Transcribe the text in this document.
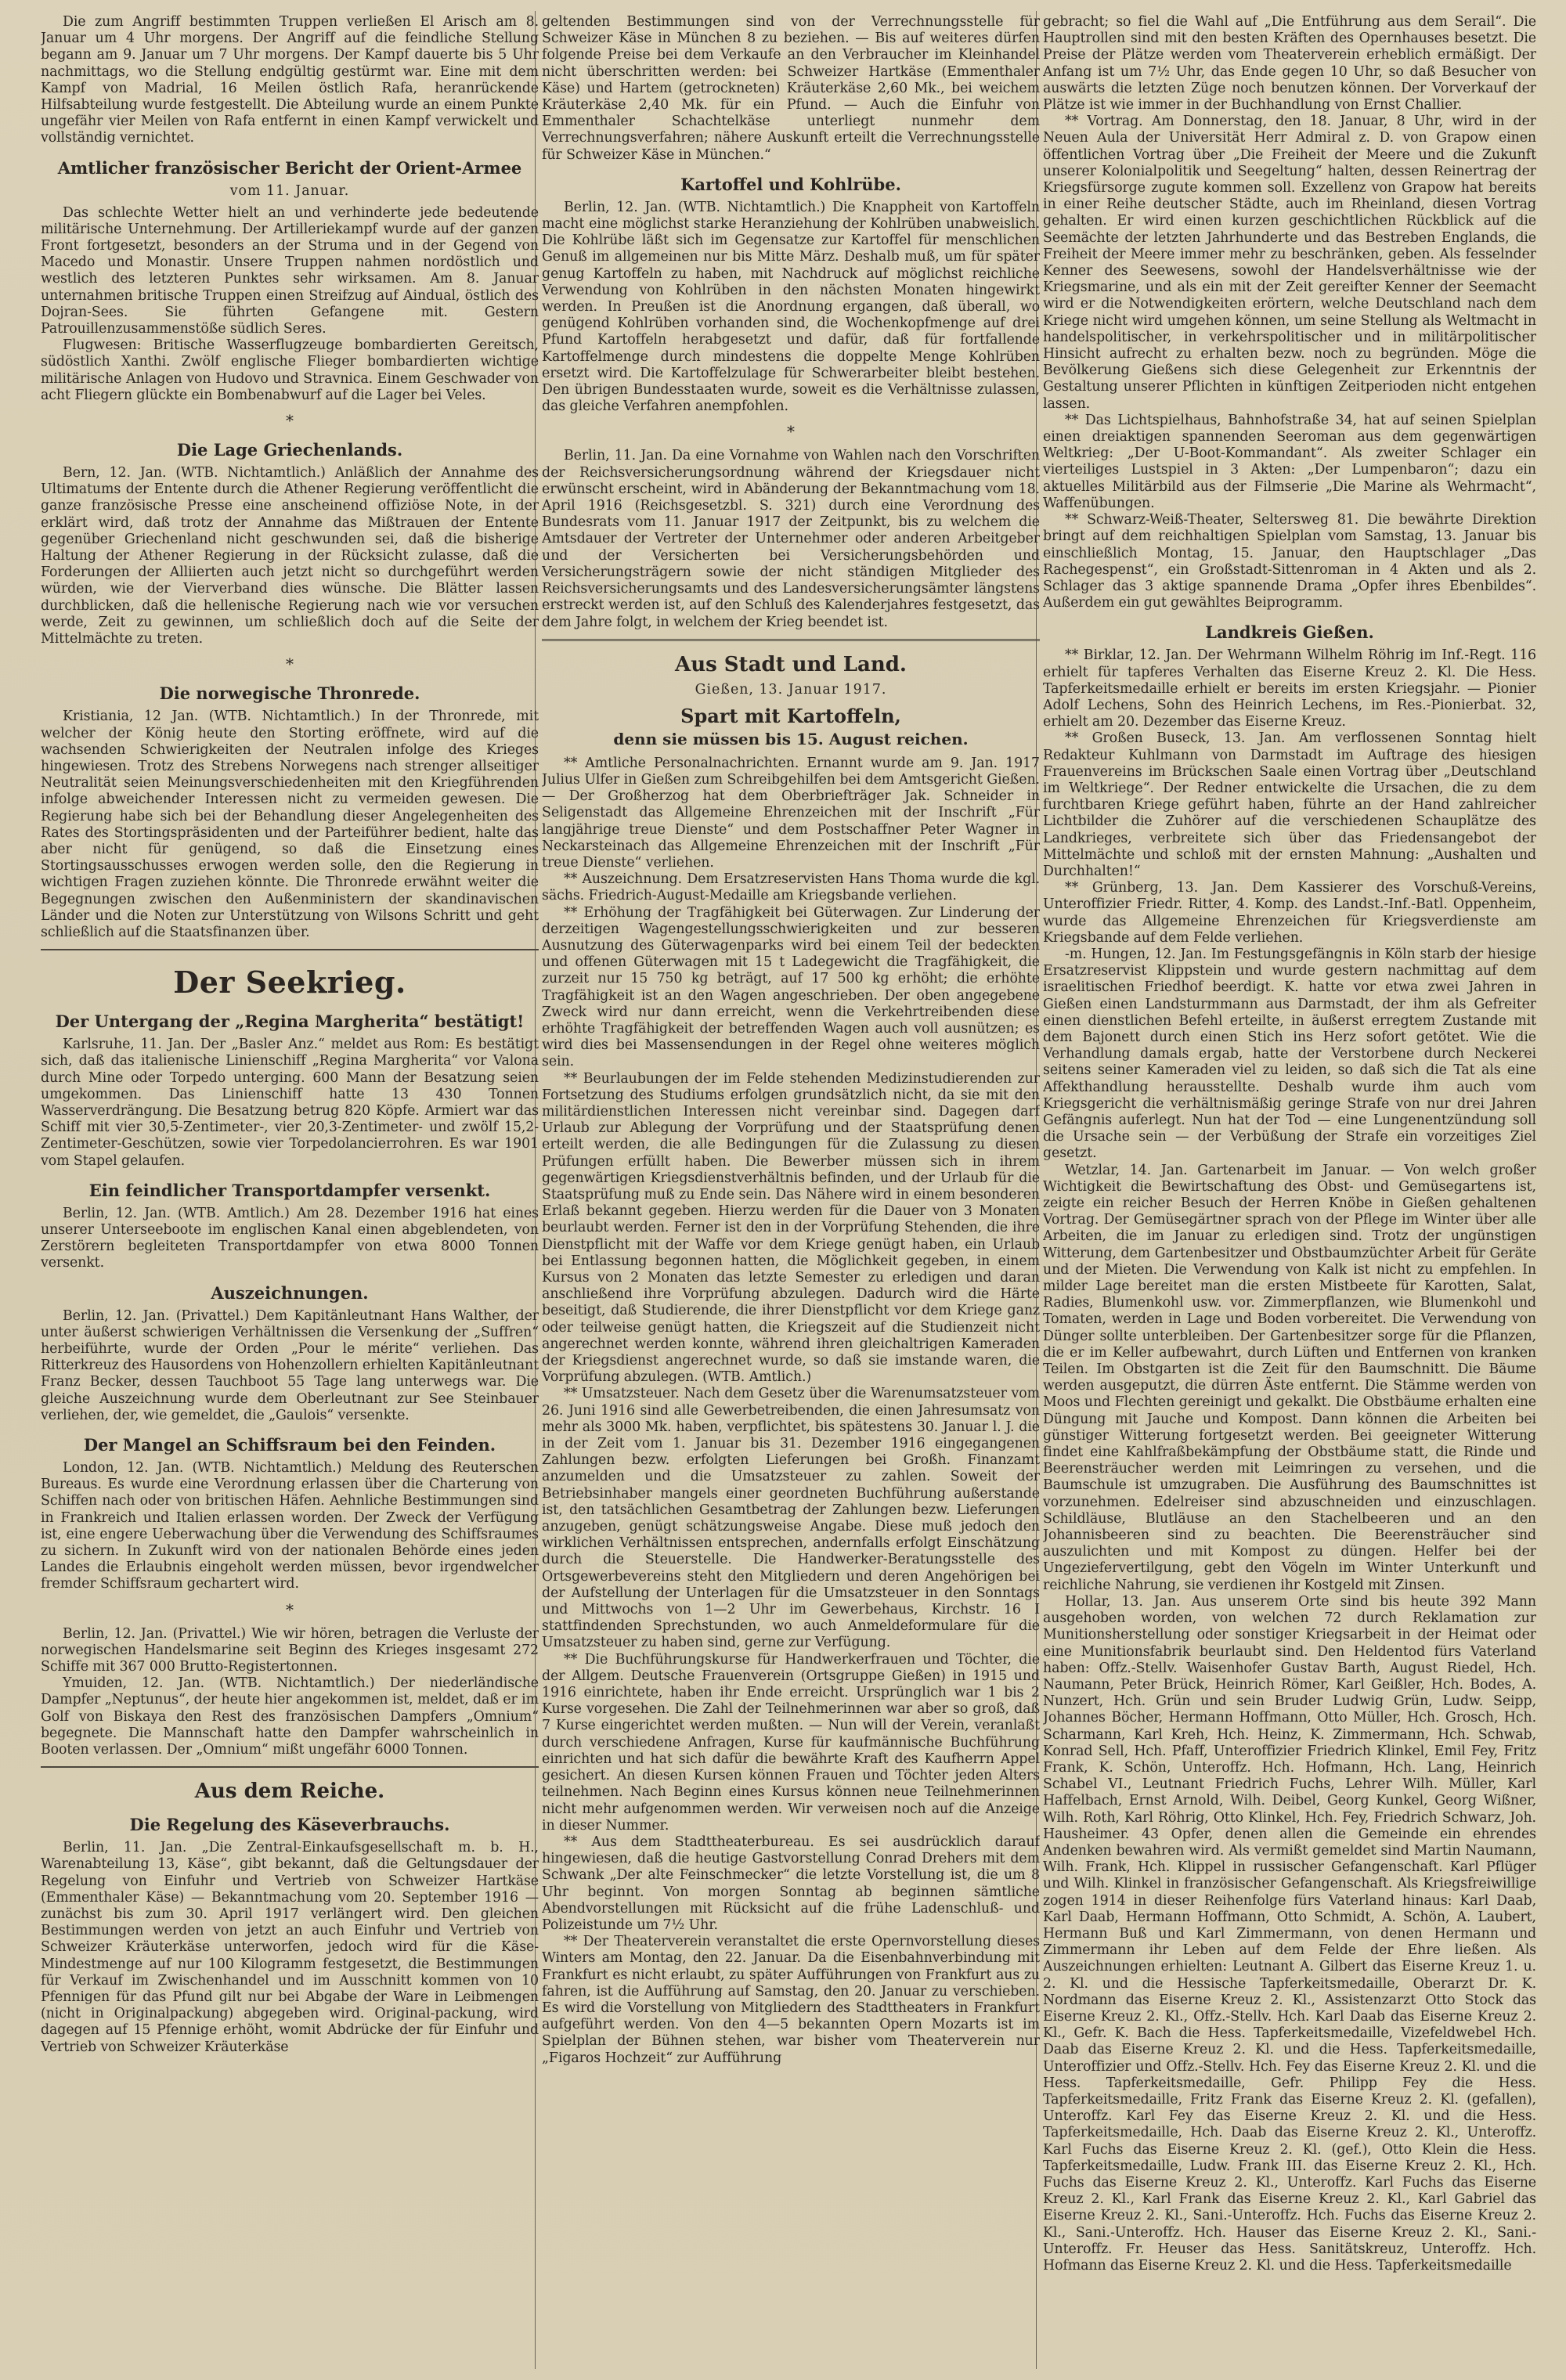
Die zum Angriff bestimmten Truppen verließen El Arisch am 8. Januar um 4 Uhr morgens. Der Angriff auf die feindliche Stellung begann am 9. Januar um 7 Uhr morgens. Der Kampf dauerte bis 5 Uhr nachmittags, wo die Stellung endgültig gestürmt war. Eine mit dem Kampf von Madrial, 16 Meilen östlich Rafa, heranrückende Hilfsabteilung wurde festgestellt. Die Abteilung wurde an einem Punkte ungefähr vier Meilen von Rafa entfernt in einen Kampf verwickelt und vollständig vernichtet.

Amtlicher französischer Bericht der Orient-Armee
vom 11. Januar.

Das schlechte Wetter hielt an und verhinderte jede bedeutende militärische Unternehmung. Der Artilleriekampf wurde auf der ganzen Front fortgesetzt, besonders an der Struma und in der Gegend von Macedo und Monastir. Unsere Truppen nahmen nordöstlich und westlich des letzteren Punktes sehr wirksamen. Am 8. Januar unternahmen britische Truppen einen Streifzug auf Aindual, östlich des Dojran-Sees. Sie führten Gefangene mit. Gestern Patrouillenzusammenstöße südlich Seres.

Flugwesen: Britische Wasserflugzeuge bombardierten Gereitsch, südöstlich Xanthi. Zwölf englische Flieger bombardierten wichtige militärische Anlagen von Hudovo und Stravnica. Einem Geschwader von acht Fliegern glückte ein Bombenabwurf auf die Lager bei Veles.

*
Die Lage Griechenlands.

Bern, 12. Jan. (WTB. Nichtamtlich.) Anläßlich der Annahme des Ultimatums der Entente durch die Athener Regierung veröffentlicht die ganze französische Presse eine anscheinend offiziöse Note, in der erklärt wird, daß trotz der Annahme das Mißtrauen der Entente gegenüber Griechenland nicht geschwunden sei, daß die bisherige Haltung der Athener Regierung in der Rücksicht zulasse, daß die Forderungen der Alliierten auch jetzt nicht so durchgeführt werden würden, wie der Vierverband dies wünsche. Die Blätter lassen durchblicken, daß die hellenische Regierung nach wie vor versuchen werde, Zeit zu gewinnen, um schließlich doch auf die Seite der Mittelmächte zu treten.

*
Die norwegische Thronrede.

Kristiania, 12 Jan. (WTB. Nichtamtlich.) In der Thronrede, mit welcher der König heute den Storting eröffnete, wird auf die wachsenden Schwierigkeiten der Neutralen infolge des Krieges hingewiesen. Trotz des Strebens Norwegens nach strenger allseitiger Neutralität seien Meinungsverschiedenheiten mit den Kriegführenden infolge abweichender Interessen nicht zu vermeiden gewesen. Die Regierung habe sich bei der Behandlung dieser Angelegenheiten des Rates des Stortingspräsidenten und der Parteiführer bedient, halte das aber nicht für genügend, so daß die Einsetzung eines Stortingsausschusses erwogen werden solle, den die Regierung in wichtigen Fragen zuziehen könnte. Die Thronrede erwähnt weiter die Begegnungen zwischen den Außenministern der skandinavischen Länder und die Noten zur Unterstützung von Wilsons Schritt und geht schließlich auf die Staatsfinanzen über.

Der Seekrieg.
Der Untergang der „Regina Margherita“ bestätigt!

Karlsruhe, 11. Jan. Der „Basler Anz.“ meldet aus Rom: Es bestätigt sich, daß das italienische Linienschiff „Regina Margherita“ vor Valona durch Mine oder Torpedo unterging. 600 Mann der Besatzung seien umgekommen. Das Linienschiff hatte 13 430 Tonnen Wasserverdrängung. Die Besatzung betrug 820 Köpfe. Armiert war das Schiff mit vier 30,5-Zentimeter-, vier 20,3-Zentimeter- und zwölf 15,2-Zentimeter-Geschützen, sowie vier Torpedolancierrohren. Es war 1901 vom Stapel gelaufen.

Ein feindlicher Transportdampfer versenkt.

Berlin, 12. Jan. (WTB. Amtlich.) Am 28. Dezember 1916 hat eines unserer Unterseeboote im englischen Kanal einen abgeblendeten, von Zerstörern begleiteten Transportdampfer von etwa 8000 Tonnen versenkt.

Auszeichnungen.

Berlin, 12. Jan. (Privattel.) Dem Kapitänleutnant Hans Walther, der unter äußerst schwierigen Verhältnissen die Versenkung der „Suffren“ herbeiführte, wurde der Orden „Pour le mérite“ verliehen. Das Ritterkreuz des Hausordens von Hohenzollern erhielten Kapitänleutnant Franz Becker, dessen Tauchboot 55 Tage lang unterwegs war. Die gleiche Auszeichnung wurde dem Oberleutnant zur See Steinbauer verliehen, der, wie gemeldet, die „Gaulois“ versenkte.

Der Mangel an Schiffsraum bei den Feinden.

London, 12. Jan. (WTB. Nichtamtlich.) Meldung des Reuterschen Bureaus. Es wurde eine Verordnung erlassen über die Charterung von Schiffen nach oder von britischen Häfen. Aehnliche Bestimmungen sind in Frankreich und Italien erlassen worden. Der Zweck der Verfügung ist, eine engere Ueberwachung über die Verwendung des Schiffsraumes zu sichern. In Zukunft wird von der nationalen Behörde eines jeden Landes die Erlaubnis eingeholt werden müssen, bevor irgendwelcher fremder Schiffsraum gechartert wird.

*

Berlin, 12. Jan. (Privattel.) Wie wir hören, betragen die Verluste der norwegischen Handelsmarine seit Beginn des Krieges insgesamt 272 Schiffe mit 367 000 Brutto-Registertonnen.

Ymuiden, 12. Jan. (WTB. Nichtamtlich.) Der niederländische Dampfer „Neptunus“, der heute hier angekommen ist, meldet, daß er im Golf von Biskaya den Rest des französischen Dampfers „Omnium“ begegnete. Die Mannschaft hatte den Dampfer wahrscheinlich in Booten verlassen. Der „Omnium“ mißt ungefähr 6000 Tonnen.

Aus dem Reiche.
Die Regelung des Käseverbrauchs.

Berlin, 11. Jan. „Die Zentral-Einkaufsgesellschaft m. b. H., Warenabteilung 13, Käse“, gibt bekannt, daß die Geltungsdauer der Regelung von Einfuhr und Vertrieb von Schweizer Hartkäse (Emmenthaler Käse) — Bekanntmachung vom 20. September 1916 — zunächst bis zum 30. April 1917 verlängert wird. Den gleichen Bestimmungen werden von jetzt an auch Einfuhr und Vertrieb von Schweizer Kräuterkäse unterworfen, jedoch wird für die Käse-Mindestmenge auf nur 100 Kilogramm festgesetzt, die Bestimmungen für Verkauf im Zwischenhandel und im Ausschnitt kommen von 10 Pfennigen für das Pfund gilt nur bei Abgabe der Ware in Leibmengen (nicht in Originalpackung) abgegeben wird. Original-packung, wird dagegen auf 15 Pfennige erhöht, womit Abdrücke der für Einfuhr und Vertrieb von Schweizer Kräuterkäse

geltenden Bestimmungen sind von der Verrechnungsstelle für Schweizer Käse in München 8 zu beziehen. — Bis auf weiteres dürfen folgende Preise bei dem Verkaufe an den Verbraucher im Kleinhandel nicht überschritten werden: bei Schweizer Hartkäse (Emmenthaler Käse) und Hartem (getrockneten) Kräuterkäse 2,60 Mk., bei weichem Kräuterkäse 2,40 Mk. für ein Pfund. — Auch die Einfuhr von Emmenthaler Schachtelkäse unterliegt nunmehr dem Verrechnungsverfahren; nähere Auskunft erteilt die Verrechnungsstelle für Schweizer Käse in München.“

Kartoffel und Kohlrübe.

Berlin, 12. Jan. (WTB. Nichtamtlich.) Die Knappheit von Kartoffeln macht eine möglichst starke Heranziehung der Kohlrüben unabweislich. Die Kohlrübe läßt sich im Gegensatze zur Kartoffel für menschlichen Genuß im allgemeinen nur bis Mitte März. Deshalb muß, um für später genug Kartoffeln zu haben, mit Nachdruck auf möglichst reichliche Verwendung von Kohlrüben in den nächsten Monaten hingewirkt werden. In Preußen ist die Anordnung ergangen, daß überall, wo genügend Kohlrüben vorhanden sind, die Wochenkopfmenge auf drei Pfund Kartoffeln herabgesetzt und dafür, daß für fortfallende Kartoffelmenge durch mindestens die doppelte Menge Kohlrüben ersetzt wird. Die Kartoffelzulage für Schwerarbeiter bleibt bestehen. Den übrigen Bundesstaaten wurde, soweit es die Verhältnisse zulassen, das gleiche Verfahren anempfohlen.

*

Berlin, 11. Jan. Da eine Vornahme von Wahlen nach den Vorschriften der Reichsversicherungsordnung während der Kriegsdauer nicht erwünscht erscheint, wird in Abänderung der Bekanntmachung vom 18. April 1916 (Reichsgesetzbl. S. 321) durch eine Verordnung des Bundesrats vom 11. Januar 1917 der Zeitpunkt, bis zu welchem die Amtsdauer der Vertreter der Unternehmer oder anderen Arbeitgeber und der Versicherten bei Versicherungsbehörden und Versicherungsträgern sowie der nicht ständigen Mitglieder des Reichsversicherungsamts und des Landesversicherungsämter längstens erstreckt werden ist, auf den Schluß des Kalenderjahres festgesetzt, das dem Jahre folgt, in welchem der Krieg beendet ist.

Aus Stadt und Land.
Gießen, 13. Januar 1917.
Spart mit Kartoffeln,
denn sie müssen bis 15. August reichen.

** Amtliche Personalnachrichten. Ernannt wurde am 9. Jan. 1917 Julius Ulfer in Gießen zum Schreibgehilfen bei dem Amtsgericht Gießen. — Der Großherzog hat dem Oberbriefträger Jak. Schneider in Seligenstadt das Allgemeine Ehrenzeichen mit der Inschrift „Für langjährige treue Dienste“ und dem Postschaffner Peter Wagner in Neckarsteinach das Allgemeine Ehrenzeichen mit der Inschrift „Für treue Dienste“ verliehen.

** Auszeichnung. Dem Ersatzreservisten Hans Thoma wurde die kgl. sächs. Friedrich-August-Medaille am Kriegsbande verliehen.

** Erhöhung der Tragfähigkeit bei Güterwagen. Zur Linderung der derzeitigen Wagengestellungsschwierigkeiten und zur besseren Ausnutzung des Güterwagenparks wird bei einem Teil der bedeckten und offenen Güterwagen mit 15 t Ladegewicht die Tragfähigkeit, die zurzeit nur 15 750 kg beträgt, auf 17 500 kg erhöht; die erhöhte Tragfähigkeit ist an den Wagen angeschrieben. Der oben angegebene Zweck wird nur dann erreicht, wenn die Verkehrtreibenden diese erhöhte Tragfähigkeit der betreffenden Wagen auch voll ausnützen; es wird dies bei Massensendungen in der Regel ohne weiteres möglich sein.

** Beurlaubungen der im Felde stehenden Medizinstudierenden zur Fortsetzung des Studiums erfolgen grundsätzlich nicht, da sie mit den militärdienstlichen Interessen nicht vereinbar sind. Dagegen darf Urlaub zur Ablegung der Vorprüfung und der Staatsprüfung denen erteilt werden, die alle Bedingungen für die Zulassung zu diesen Prüfungen erfüllt haben. Die Bewerber müssen sich in ihrem gegenwärtigen Kriegsdienstverhältnis befinden, und der Urlaub für die Staatsprüfung muß zu Ende sein. Das Nähere wird in einem besonderen Erlaß bekannt gegeben. Hierzu werden für die Dauer von 3 Monaten beurlaubt werden. Ferner ist den in der Vorprüfung Stehenden, die ihre Dienstpflicht mit der Waffe vor dem Kriege genügt haben, ein Urlaub bei Entlassung begonnen hatten, die Möglichkeit gegeben, in einem Kursus von 2 Monaten das letzte Semester zu erledigen und daran anschließend ihre Vorprüfung abzulegen. Dadurch wird die Härte beseitigt, daß Studierende, die ihrer Dienstpflicht vor dem Kriege ganz oder teilweise genügt hatten, die Kriegszeit auf die Studienzeit nicht angerechnet werden konnte, während ihren gleichaltrigen Kameraden der Kriegsdienst angerechnet wurde, so daß sie imstande waren, die Vorprüfung abzulegen. (WTB. Amtlich.)

** Umsatzsteuer. Nach dem Gesetz über die Warenumsatzsteuer vom 26. Juni 1916 sind alle Gewerbetreibenden, die einen Jahresumsatz von mehr als 3000 Mk. haben, verpflichtet, bis spätestens 30. Januar l. J. die in der Zeit vom 1. Januar bis 31. Dezember 1916 eingegangenen Zahlungen bezw. erfolgten Lieferungen bei Großh. Finanzamt anzumelden und die Umsatzsteuer zu zahlen. Soweit der Betriebsinhaber mangels einer geordneten Buchführung außerstande ist, den tatsächlichen Gesamtbetrag der Zahlungen bezw. Lieferungen anzugeben, genügt schätzungsweise Angabe. Diese muß jedoch den wirklichen Verhältnissen entsprechen, andernfalls erfolgt Einschätzung durch die Steuerstelle. Die Handwerker-Beratungsstelle des Ortsgewerbevereins steht den Mitgliedern und deren Angehörigen bei der Aufstellung der Unterlagen für die Umsatzsteuer in den Sonntags und Mittwochs von 1—2 Uhr im Gewerbehaus, Kirchstr. 16 I stattfindenden Sprechstunden, wo auch Anmeldeformulare für die Umsatzsteuer zu haben sind, gerne zur Verfügung.

** Die Buchführungskurse für Handwerkerfrauen und Töchter, die der Allgem. Deutsche Frauenverein (Ortsgruppe Gießen) in 1915 und 1916 einrichtete, haben ihr Ende erreicht. Ursprünglich war 1 bis 2 Kurse vorgesehen. Die Zahl der Teilnehmerinnen war aber so groß, daß 7 Kurse eingerichtet werden mußten. — Nun will der Verein, veranlaßt durch verschiedene Anfragen, Kurse für kaufmännische Buchführung einrichten und hat sich dafür die bewährte Kraft des Kaufherrn Appel gesichert. An diesen Kursen können Frauen und Töchter jeden Alters teilnehmen. Nach Beginn eines Kursus können neue Teilnehmerinnen nicht mehr aufgenommen werden. Wir verweisen noch auf die Anzeige in dieser Nummer.

** Aus dem Stadttheaterbureau. Es sei ausdrücklich darauf hingewiesen, daß die heutige Gastvorstellung Conrad Drehers mit dem Schwank „Der alte Feinschmecker“ die letzte Vorstellung ist, die um 8 Uhr beginnt. Von morgen Sonntag ab beginnen sämtliche Abendvorstellungen mit Rücksicht auf die frühe Ladenschluß- und Polizeistunde um 7½ Uhr.

** Der Theaterverein veranstaltet die erste Opernvorstellung dieses Winters am Montag, den 22. Januar. Da die Eisenbahnverbindung mit Frankfurt es nicht erlaubt, zu später Aufführungen von Frankfurt aus zu fahren, ist die Aufführung auf Samstag, den 20. Januar zu verschieben. Es wird die Vorstellung von Mitgliedern des Stadttheaters in Frankfurt aufgeführt werden. Von den 4—5 bekannten Opern Mozarts ist im Spielplan der Bühnen stehen, war bisher vom Theaterverein nur „Figaros Hochzeit“ zur Aufführung

gebracht; so fiel die Wahl auf „Die Entführung aus dem Serail“. Die Hauptrollen sind mit den besten Kräften des Opernhauses besetzt. Die Preise der Plätze werden vom Theaterverein erheblich ermäßigt. Der Anfang ist um 7½ Uhr, das Ende gegen 10 Uhr, so daß Besucher von auswärts die letzten Züge noch benutzen können. Der Vorverkauf der Plätze ist wie immer in der Buchhandlung von Ernst Challier.

** Vortrag. Am Donnerstag, den 18. Januar, 8 Uhr, wird in der Neuen Aula der Universität Herr Admiral z. D. von Grapow einen öffentlichen Vortrag über „Die Freiheit der Meere und die Zukunft unserer Kolonialpolitik und Seegeltung“ halten, dessen Reinertrag der Kriegsfürsorge zugute kommen soll. Exzellenz von Grapow hat bereits in einer Reihe deutscher Städte, auch im Rheinland, diesen Vortrag gehalten. Er wird einen kurzen geschichtlichen Rückblick auf die Seemächte der letzten Jahrhunderte und das Bestreben Englands, die Freiheit der Meere immer mehr zu beschränken, geben. Als fesselnder Kenner des Seewesens, sowohl der Handelsverhältnisse wie der Kriegsmarine, und als ein mit der Zeit gereifter Kenner der Seemacht wird er die Notwendigkeiten erörtern, welche Deutschland nach dem Kriege nicht wird umgehen können, um seine Stellung als Weltmacht in handelspolitischer, in verkehrspolitischer und in militärpolitischer Hinsicht aufrecht zu erhalten bezw. noch zu begründen. Möge die Bevölkerung Gießens sich diese Gelegenheit zur Erkenntnis der Gestaltung unserer Pflichten in künftigen Zeitperioden nicht entgehen lassen.

** Das Lichtspielhaus, Bahnhofstraße 34, hat auf seinen Spielplan einen dreiaktigen spannenden Seeroman aus dem gegenwärtigen Weltkrieg: „Der U-Boot-Kommandant“. Als zweiter Schlager ein vierteiliges Lustspiel in 3 Akten: „Der Lumpenbaron“; dazu ein aktuelles Militärbild aus der Filmserie „Die Marine als Wehrmacht“, Waffenübungen.

** Schwarz-Weiß-Theater, Seltersweg 81. Die bewährte Direktion bringt auf dem reichhaltigen Spielplan vom Samstag, 13. Januar bis einschließlich Montag, 15. Januar, den Hauptschlager „Das Rachegespenst“, ein Großstadt-Sittenroman in 4 Akten und als 2. Schlager das 3 aktige spannende Drama „Opfer ihres Ebenbildes“. Außerdem ein gut gewähltes Beiprogramm.

Landkreis Gießen.

** Birklar, 12. Jan. Der Wehrmann Wilhelm Röhrig im Inf.-Regt. 116 erhielt für tapferes Verhalten das Eiserne Kreuz 2. Kl. Die Hess. Tapferkeitsmedaille erhielt er bereits im ersten Kriegsjahr. — Pionier Adolf Lechens, Sohn des Heinrich Lechens, im Res.-Pionierbat. 32, erhielt am 20. Dezember das Eiserne Kreuz.

** Großen Buseck, 13. Jan. Am verflossenen Sonntag hielt Redakteur Kuhlmann von Darmstadt im Auftrage des hiesigen Frauenvereins im Brückschen Saale einen Vortrag über „Deutschland im Weltkriege“. Der Redner entwickelte die Ursachen, die zu dem furchtbaren Kriege geführt haben, führte an der Hand zahlreicher Lichtbilder die Zuhörer auf die verschiedenen Schauplätze des Landkrieges, verbreitete sich über das Friedensangebot der Mittelmächte und schloß mit der ernsten Mahnung: „Aushalten und Durchhalten!“

** Grünberg, 13. Jan. Dem Kassierer des Vorschuß-Vereins, Unteroffizier Friedr. Ritter, 4. Komp. des Landst.-Inf.-Batl. Oppenheim, wurde das Allgemeine Ehrenzeichen für Kriegsverdienste am Kriegsbande auf dem Felde verliehen.

-m. Hungen, 12. Jan. Im Festungsgefängnis in Köln starb der hiesige Ersatzreservist Klippstein und wurde gestern nachmittag auf dem israelitischen Friedhof beerdigt. K. hatte vor etwa zwei Jahren in Gießen einen Landsturmmann aus Darmstadt, der ihm als Gefreiter einen dienstlichen Befehl erteilte, in äußerst erregtem Zustande mit dem Bajonett durch einen Stich ins Herz sofort getötet. Wie die Verhandlung damals ergab, hatte der Verstorbene durch Neckerei seitens seiner Kameraden viel zu leiden, so daß sich die Tat als eine Affekthandlung herausstellte. Deshalb wurde ihm auch vom Kriegsgericht die verhältnismäßig geringe Strafe von nur drei Jahren Gefängnis auferlegt. Nun hat der Tod — eine Lungenentzündung soll die Ursache sein — der Verbüßung der Strafe ein vorzeitiges Ziel gesetzt.

Wetzlar, 14. Jan. Gartenarbeit im Januar. — Von welch großer Wichtigkeit die Bewirtschaftung des Obst- und Gemüsegartens ist, zeigte ein reicher Besuch der Herren Knöbe in Gießen gehaltenen Vortrag. Der Gemüsegärtner sprach von der Pflege im Winter über alle Arbeiten, die im Januar zu erledigen sind. Trotz der ungünstigen Witterung, dem Gartenbesitzer und Obstbaumzüchter Arbeit für Geräte und der Mieten. Die Verwendung von Kalk ist nicht zu empfehlen. In milder Lage bereitet man die ersten Mistbeete für Karotten, Salat, Radies, Blumenkohl usw. vor. Zimmerpflanzen, wie Blumenkohl und Tomaten, werden in Lage und Boden vorbereitet. Die Verwendung von Dünger sollte unterbleiben. Der Gartenbesitzer sorge für die Pflanzen, die er im Keller aufbewahrt, durch Lüften und Entfernen von kranken Teilen. Im Obstgarten ist die Zeit für den Baumschnitt. Die Bäume werden ausgeputzt, die dürren Äste entfernt. Die Stämme werden von Moos und Flechten gereinigt und gekalkt. Die Obstbäume erhalten eine Düngung mit Jauche und Kompost. Dann können die Arbeiten bei günstiger Witterung fortgesetzt werden. Bei geeigneter Witterung findet eine Kahlfraßbekämpfung der Obstbäume statt, die Rinde und Beerensträucher werden mit Leimringen zu versehen, und die Baumschule ist umzugraben. Die Ausführung des Baumschnittes ist vorzunehmen. Edelreiser sind abzuschneiden und einzuschlagen. Schildläuse, Blutläuse an den Stachelbeeren und an den Johannisbeeren sind zu beachten. Die Beerensträucher sind auszulichten und mit Kompost zu düngen. Helfer bei der Ungeziefervertilgung, gebt den Vögeln im Winter Unterkunft und reichliche Nahrung, sie verdienen ihr Kostgeld mit Zinsen.

Hollar, 13. Jan. Aus unserem Orte sind bis heute 392 Mann ausgehoben worden, von welchen 72 durch Reklamation zur Munitionsherstellung oder sonstiger Kriegsarbeit in der Heimat oder eine Munitionsfabrik beurlaubt sind. Den Heldentod fürs Vaterland haben: Offz.-Stellv. Waisenhofer Gustav Barth, August Riedel, Hch. Naumann, Peter Brück, Heinrich Römer, Karl Geißler, Hch. Bodes, A. Nunzert, Hch. Grün und sein Bruder Ludwig Grün, Ludw. Seipp, Johannes Böcher, Hermann Hoffmann, Otto Müller, Hch. Grosch, Hch. Scharmann, Karl Kreh, Hch. Heinz, K. Zimmermann, Hch. Schwab, Konrad Sell, Hch. Pfaff, Unteroffizier Friedrich Klinkel, Emil Fey, Fritz Frank, K. Schön, Unteroffz. Hch. Hofmann, Hch. Lang, Heinrich Schabel VI., Leutnant Friedrich Fuchs, Lehrer Wilh. Müller, Karl Haffelbach, Ernst Arnold, Wilh. Deibel, Georg Kunkel, Georg Wißner, Wilh. Roth, Karl Röhrig, Otto Klinkel, Hch. Fey, Friedrich Schwarz, Joh. Hausheimer. 43 Opfer, denen allen die Gemeinde ein ehrendes Andenken bewahren wird. Als vermißt gemeldet sind Martin Naumann, Wilh. Frank, Hch. Klippel in russischer Gefangenschaft. Karl Pflüger und Wilh. Klinkel in französischer Gefangenschaft. Als Kriegsfreiwillige zogen 1914 in dieser Reihenfolge fürs Vaterland hinaus: Karl Daab, Karl Daab, Hermann Hoffmann, Otto Schmidt, A. Schön, A. Laubert, Hermann Buß und Karl Zimmermann, von denen Hermann und Zimmermann ihr Leben auf dem Felde der Ehre ließen. Als Auszeichnungen erhielten: Leutnant A. Gilbert das Eiserne Kreuz 1. u. 2. Kl. und die Hessische Tapferkeitsmedaille, Oberarzt Dr. K. Nordmann das Eiserne Kreuz 2. Kl., Assistenzarzt Otto Stock das Eiserne Kreuz 2. Kl., Offz.-Stellv. Hch. Karl Daab das Eiserne Kreuz 2. Kl., Gefr. K. Bach die Hess. Tapferkeitsmedaille, Vizefeldwebel Hch. Daab das Eiserne Kreuz 2. Kl. und die Hess. Tapferkeitsmedaille, Unteroffizier und Offz.-Stellv. Hch. Fey das Eiserne Kreuz 2. Kl. und die Hess. Tapferkeitsmedaille, Gefr. Philipp Fey die Hess. Tapferkeitsmedaille, Fritz Frank das Eiserne Kreuz 2. Kl. (gefallen), Unteroffz. Karl Fey das Eiserne Kreuz 2. Kl. und die Hess. Tapferkeitsmedaille, Hch. Daab das Eiserne Kreuz 2. Kl., Unteroffz. Karl Fuchs das Eiserne Kreuz 2. Kl. (gef.), Otto Klein die Hess. Tapferkeitsmedaille, Ludw. Frank III. das Eiserne Kreuz 2. Kl., Hch. Fuchs das Eiserne Kreuz 2. Kl., Unteroffz. Karl Fuchs das Eiserne Kreuz 2. Kl., Karl Frank das Eiserne Kreuz 2. Kl., Karl Gabriel das Eiserne Kreuz 2. Kl., Sani.-Unteroffz. Hch. Fuchs das Eiserne Kreuz 2. Kl., Sani.-Unteroffz. Hch. Hauser das Eiserne Kreuz 2. Kl., Sani.-Unteroffz. Fr. Heuser das Hess. Sanitätskreuz, Unteroffz. Hch. Hofmann das Eiserne Kreuz 2. Kl. und die Hess. Tapferkeitsmedaille
